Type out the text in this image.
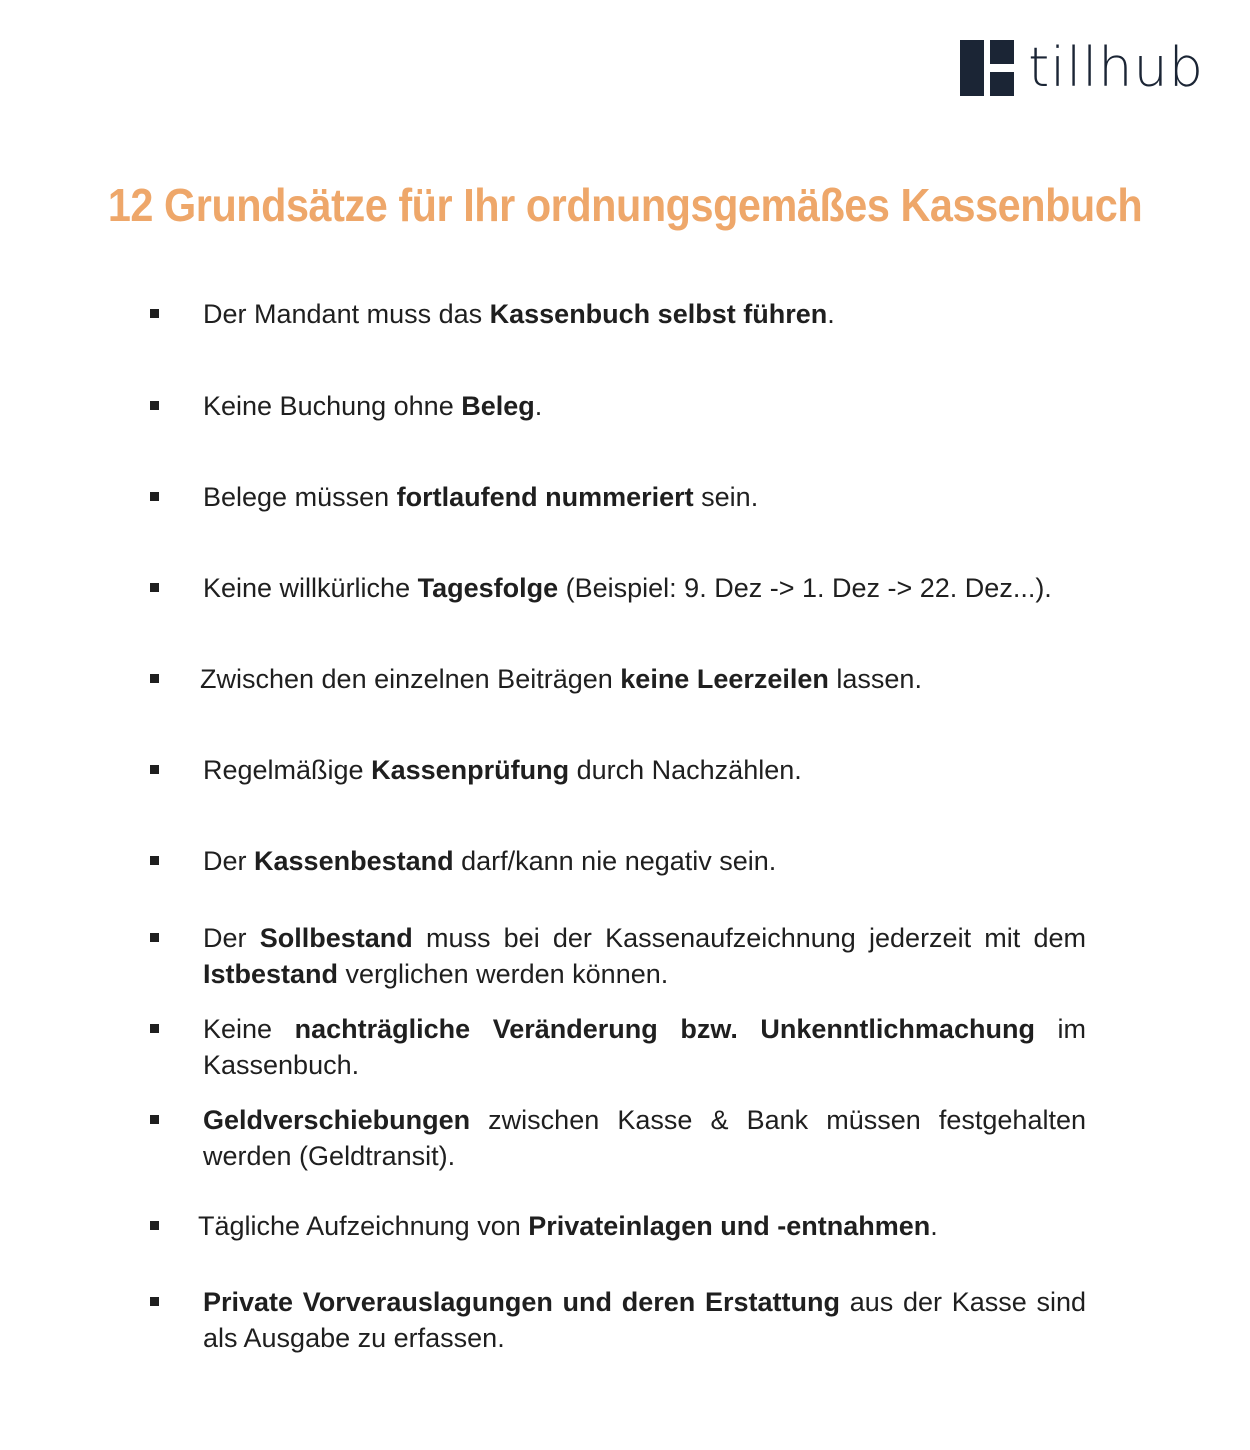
tillhub
12 Grundsätze für Ihr ordnungsgemäßes Kassenbuch
Der Mandant muss das Kassenbuch selbst führen.
Keine Buchung ohne Beleg.
Belege müssen fortlaufend nummeriert sein.
Keine willkürliche Tagesfolge (Beispiel: 9. Dez -> 1. Dez -> 22. Dez...).
Zwischen den einzelnen Beiträgen keine Leerzeilen lassen.
Regelmäßige Kassenprüfung durch Nachzählen.
Der Kassenbestand darf/kann nie negativ sein.
Der Sollbestand muss bei der Kassenaufzeichnung jederzeit mit dem Istbestand verglichen werden können.
Keine nachträgliche Veränderung bzw. Unkenntlichmachung im Kassenbuch.
Geldverschiebungen zwischen Kasse & Bank müssen festgehalten werden (Geldtransit).
Tägliche Aufzeichnung von Privateinlagen und -entnahmen.
Private Vorverauslagungen und deren Erstattung aus der Kasse sind als Ausgabe zu erfassen.
